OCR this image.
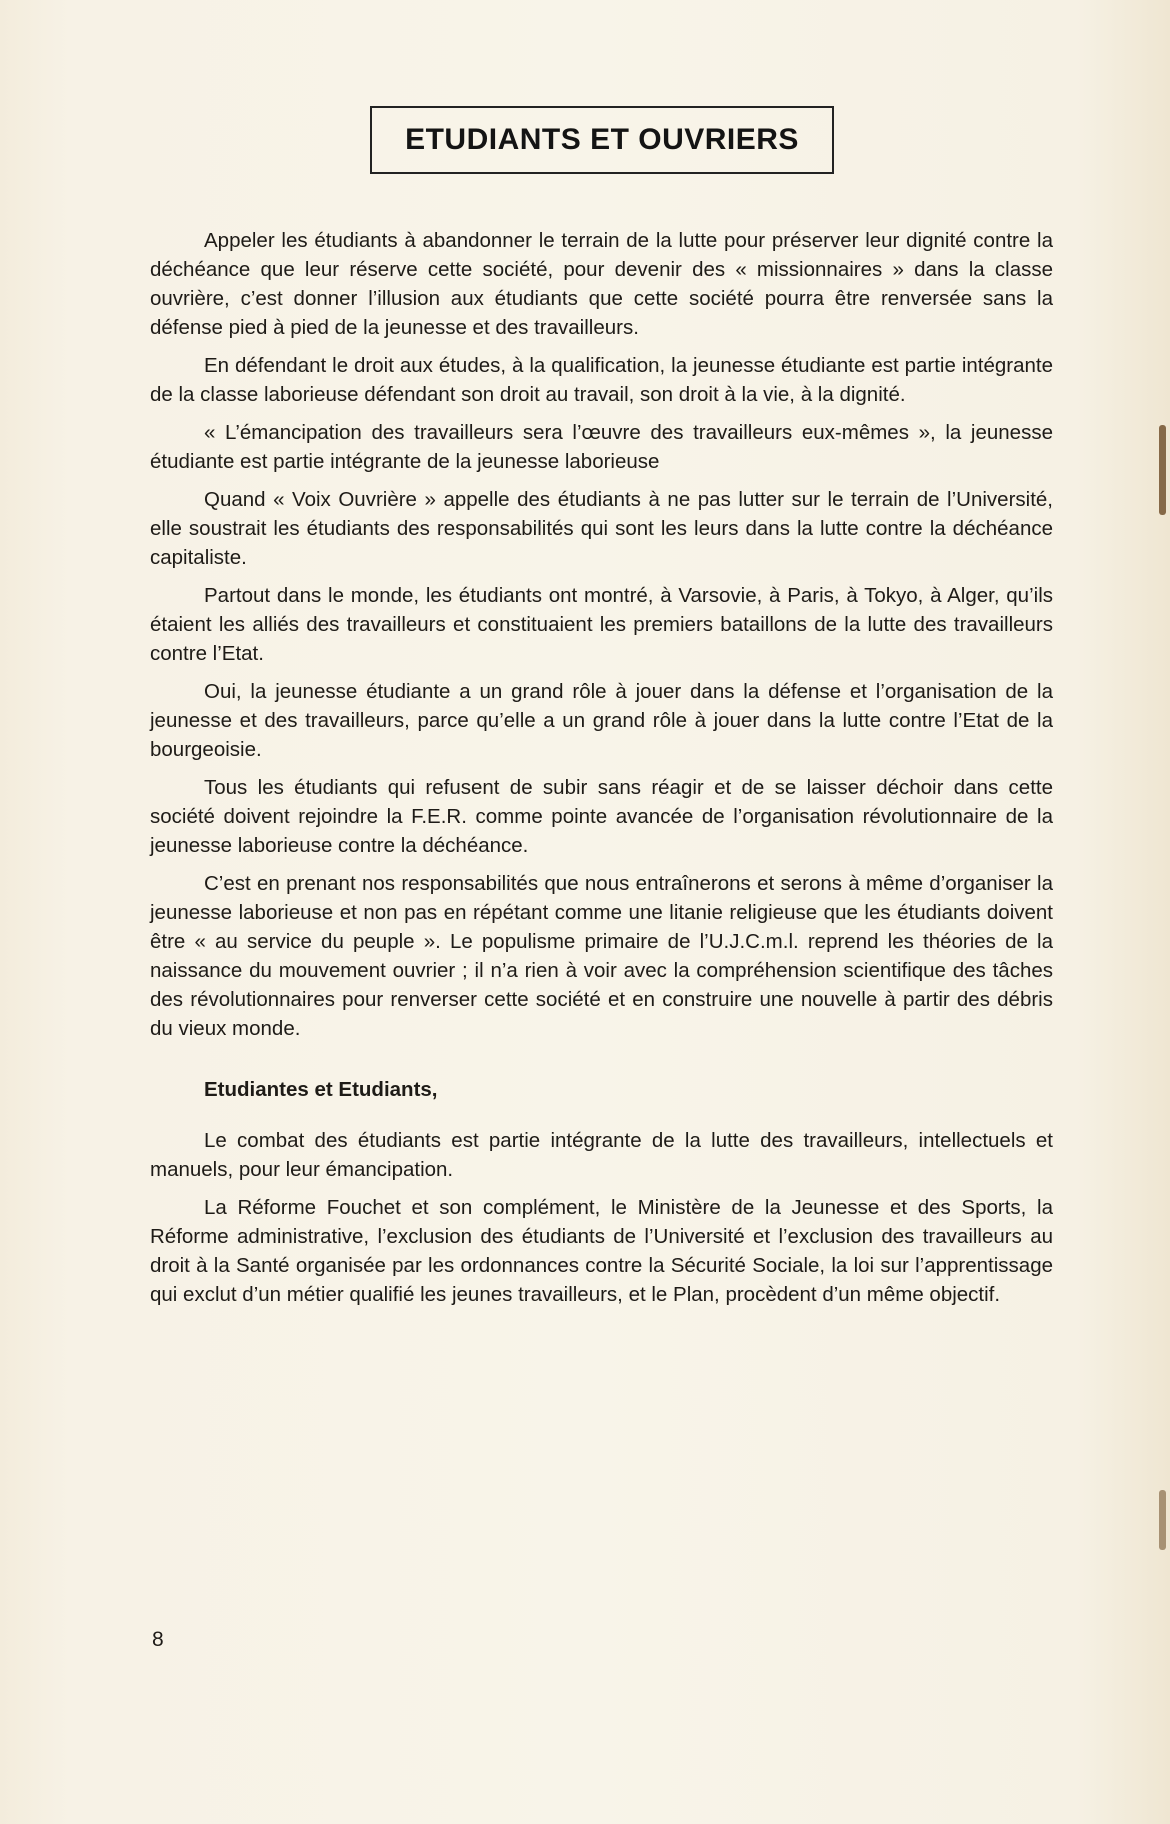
ETUDIANTS ET OUVRIERS

Appeler les étudiants à abandonner le terrain de la lutte pour préserver leur dignité contre la déchéance que leur réserve cette société, pour devenir des « missionnaires » dans la classe ouvrière, c’est donner l’illusion aux étudiants que cette société pourra être renversée sans la défense pied à pied de la jeunesse et des travailleurs.

En défendant le droit aux études, à la qualification, la jeunesse étudiante est partie intégrante de la classe laborieuse défendant son droit au travail, son droit à la vie, à la dignité.

« L’émancipation des travailleurs sera l’œuvre des travailleurs eux-mêmes », la jeunesse étudiante est partie intégrante de la jeunesse laborieuse

Quand « Voix Ouvrière » appelle des étudiants à ne pas lutter sur le terrain de l’Université, elle soustrait les étudiants des responsabilités qui sont les leurs dans la lutte contre la déchéance capitaliste.

Partout dans le monde, les étudiants ont montré, à Varsovie, à Paris, à Tokyo, à Alger, qu’ils étaient les alliés des travailleurs et constituaient les premiers bataillons de la lutte des travailleurs contre l’Etat.

Oui, la jeunesse étudiante a un grand rôle à jouer dans la défense et l’organisation de la jeunesse et des travailleurs, parce qu’elle a un grand rôle à jouer dans la lutte contre l’Etat de la bourgeoisie.

Tous les étudiants qui refusent de subir sans réagir et de se laisser déchoir dans cette société doivent rejoindre la F.E.R. comme pointe avancée de l’organisation révolutionnaire de la jeunesse laborieuse contre la déchéance.

C’est en prenant nos responsabilités que nous entraînerons et serons à même d’organiser la jeunesse laborieuse et non pas en répétant comme une litanie religieuse que les étudiants doivent être « au service du peuple ». Le populisme primaire de l’U.J.C.m.l. reprend les théories de la naissance du mouvement ouvrier ; il n’a rien à voir avec la compréhension scientifique des tâches des révolutionnaires pour renverser cette société et en construire une nouvelle à partir des débris du vieux monde.

Etudiantes et Etudiants,

Le combat des étudiants est partie intégrante de la lutte des travailleurs, intellectuels et manuels, pour leur émancipation.

La Réforme Fouchet et son complément, le Ministère de la Jeunesse et des Sports, la Réforme administrative, l’exclusion des étudiants de l’Université et l’exclusion des travailleurs au droit à la Santé organisée par les ordonnances contre la Sécurité Sociale, la loi sur l’apprentissage qui exclut d’un métier qualifié les jeunes travailleurs, et le Plan, procèdent d’un même objectif.

8
